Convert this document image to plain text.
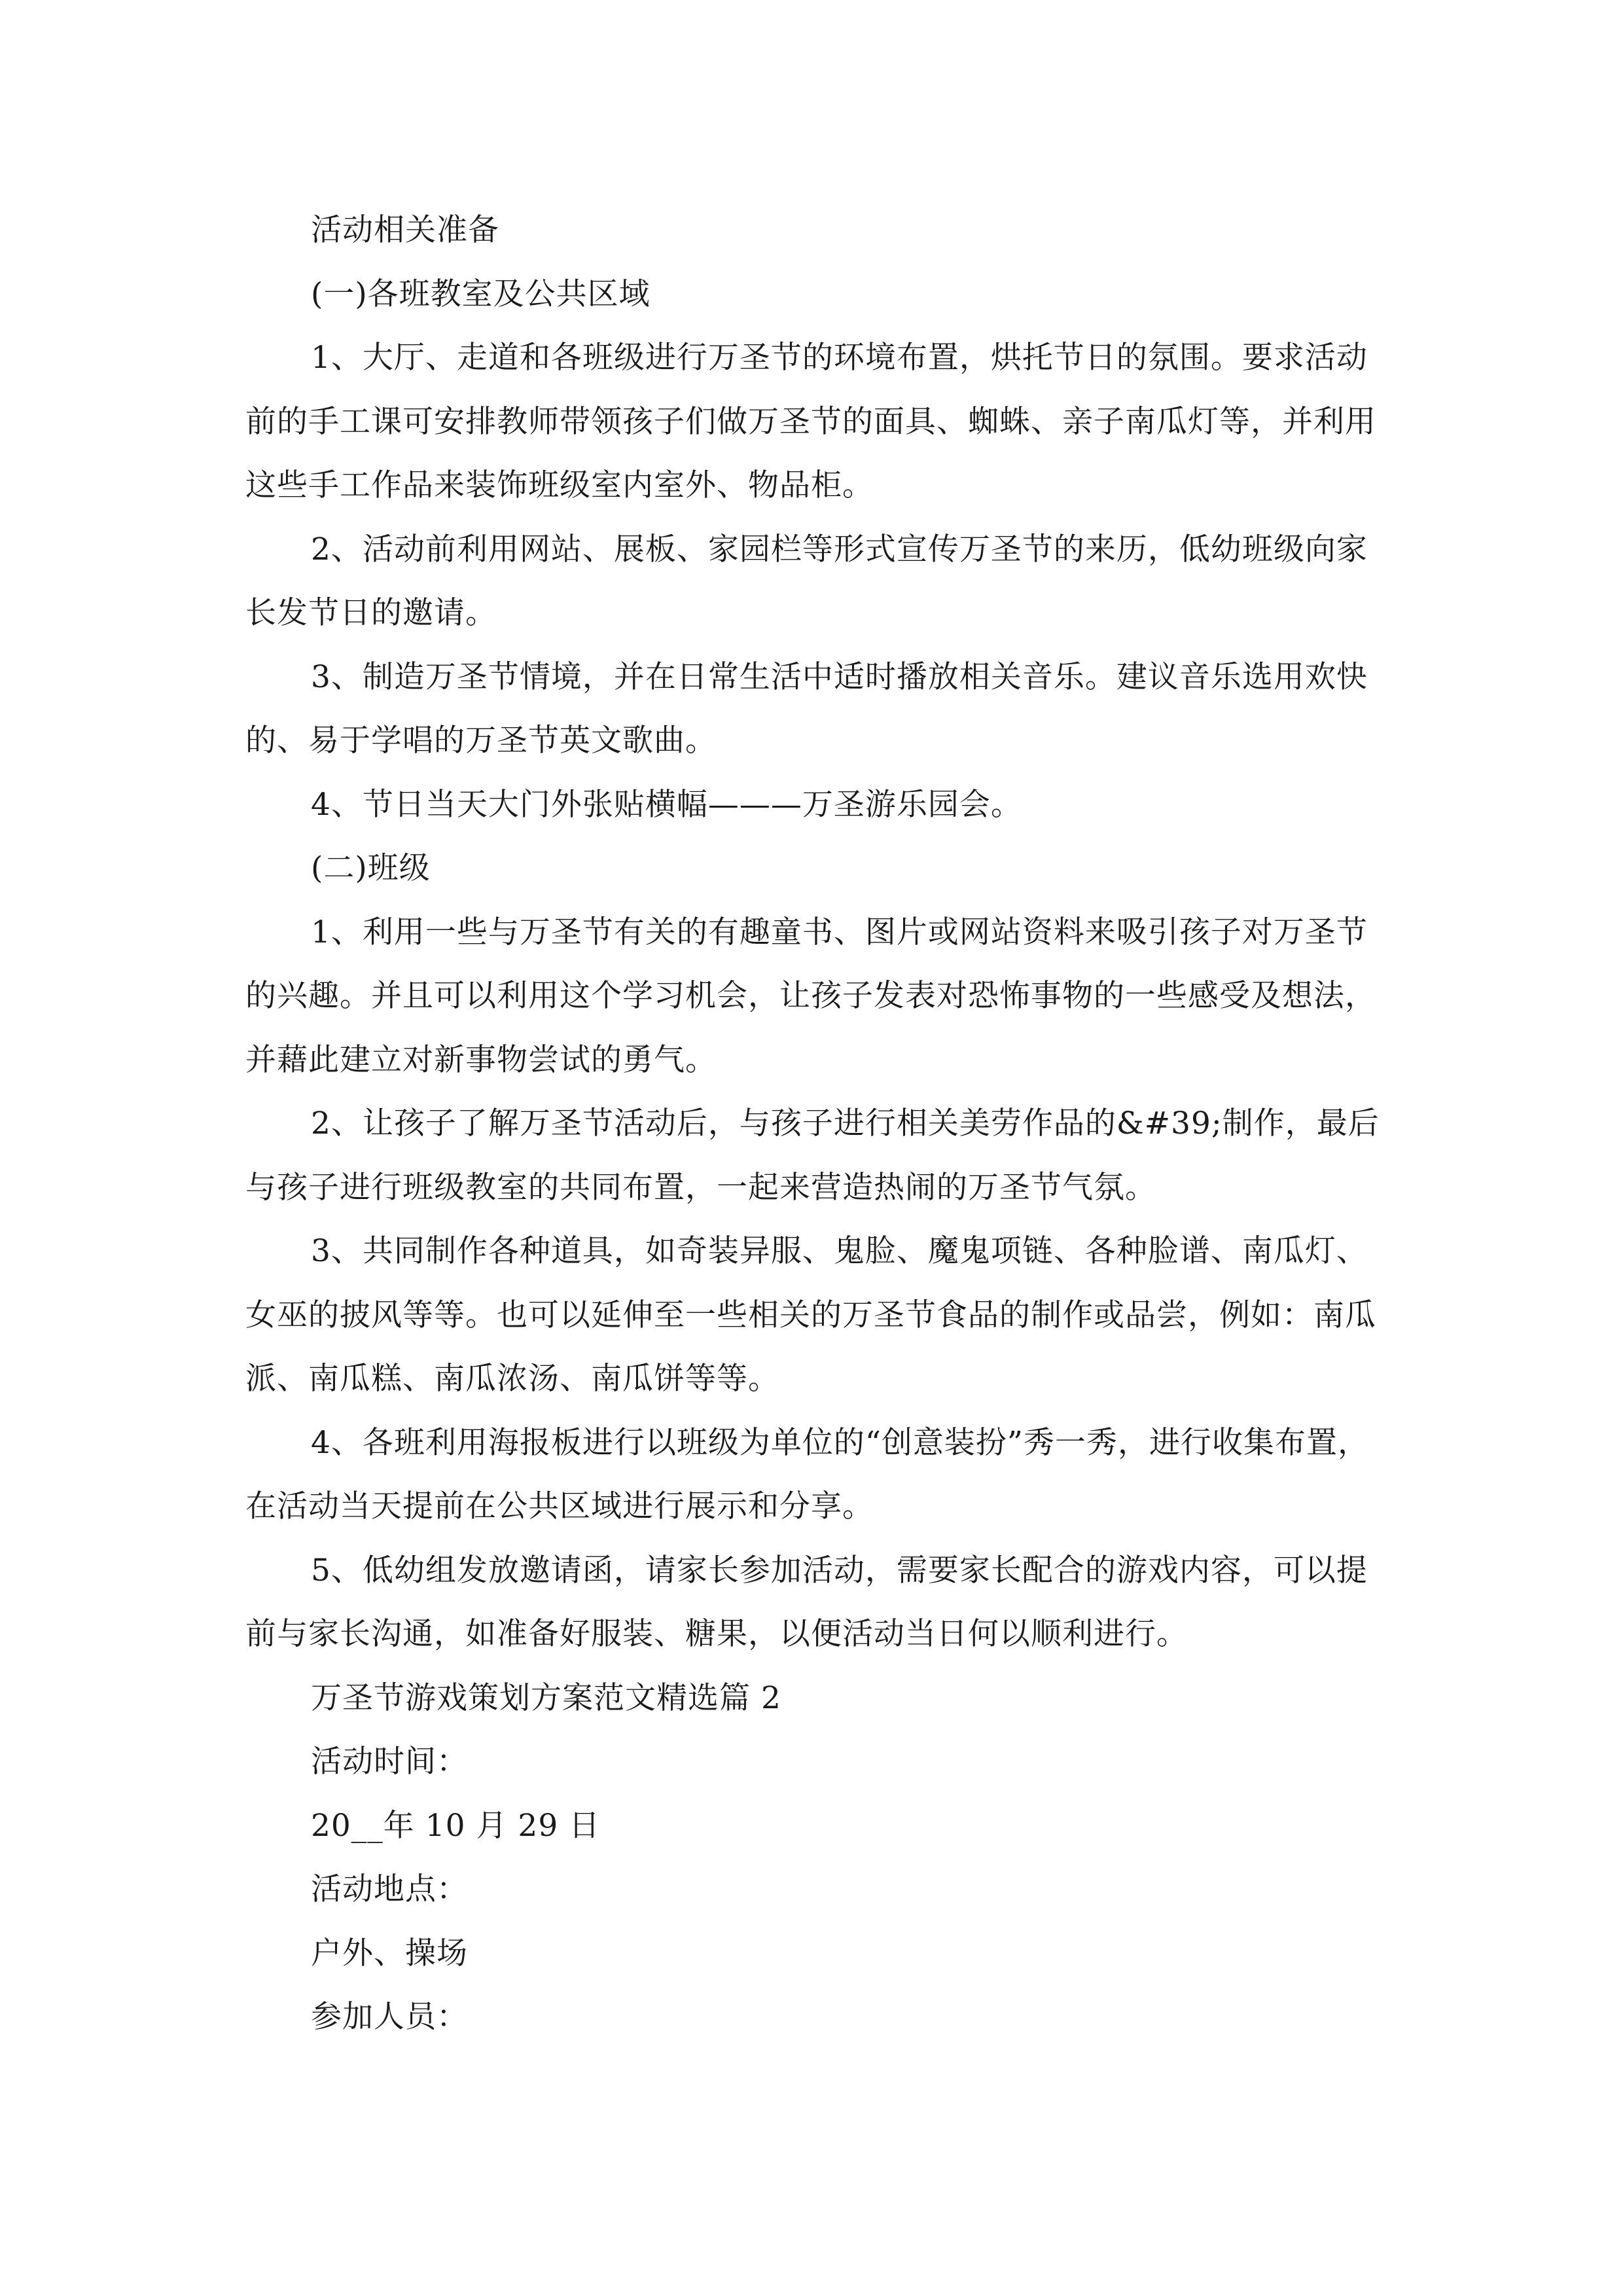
活动相关准备

(一)各班教室及公共区域

1、大厅、走道和各班级进行万圣节的环境布置，烘托节日的氛围。要求活动前的手工课可安排教师带领孩子们做万圣节的面具、蜘蛛、亲子南瓜灯等，并利用这些手工作品来装饰班级室内室外、物品柜。

2、活动前利用网站、展板、家园栏等形式宣传万圣节的来历，低幼班级向家长发节日的邀请。

3、制造万圣节情境，并在日常生活中适时播放相关音乐。建议音乐选用欢快的、易于学唱的万圣节英文歌曲。

4、节日当天大门外张贴横幅———万圣游乐园会。

(二)班级

1、利用一些与万圣节有关的有趣童书、图片或网站资料来吸引孩子对万圣节的兴趣。并且可以利用这个学习机会，让孩子发表对恐怖事物的一些感受及想法，并藉此建立对新事物尝试的勇气。

2、让孩子了解万圣节活动后，与孩子进行相关美劳作品的&#39;制作，最后与孩子进行班级教室的共同布置，一起来营造热闹的万圣节气氛。

3、共同制作各种道具，如奇装异服、鬼脸、魔鬼项链、各种脸谱、南瓜灯、女巫的披风等等。也可以延伸至一些相关的万圣节食品的制作或品尝，例如：南瓜派、南瓜糕、南瓜浓汤、南瓜饼等等。

4、各班利用海报板进行以班级为单位的“创意装扮”秀一秀，进行收集布置，在活动当天提前在公共区域进行展示和分享。

5、低幼组发放邀请函，请家长参加活动，需要家长配合的游戏内容，可以提前与家长沟通，如准备好服装、糖果，以便活动当日何以顺利进行。

万圣节游戏策划方案范文精选篇 2

活动时间：

20__年 10 月 29 日

活动地点：

户外、操场

参加人员：
